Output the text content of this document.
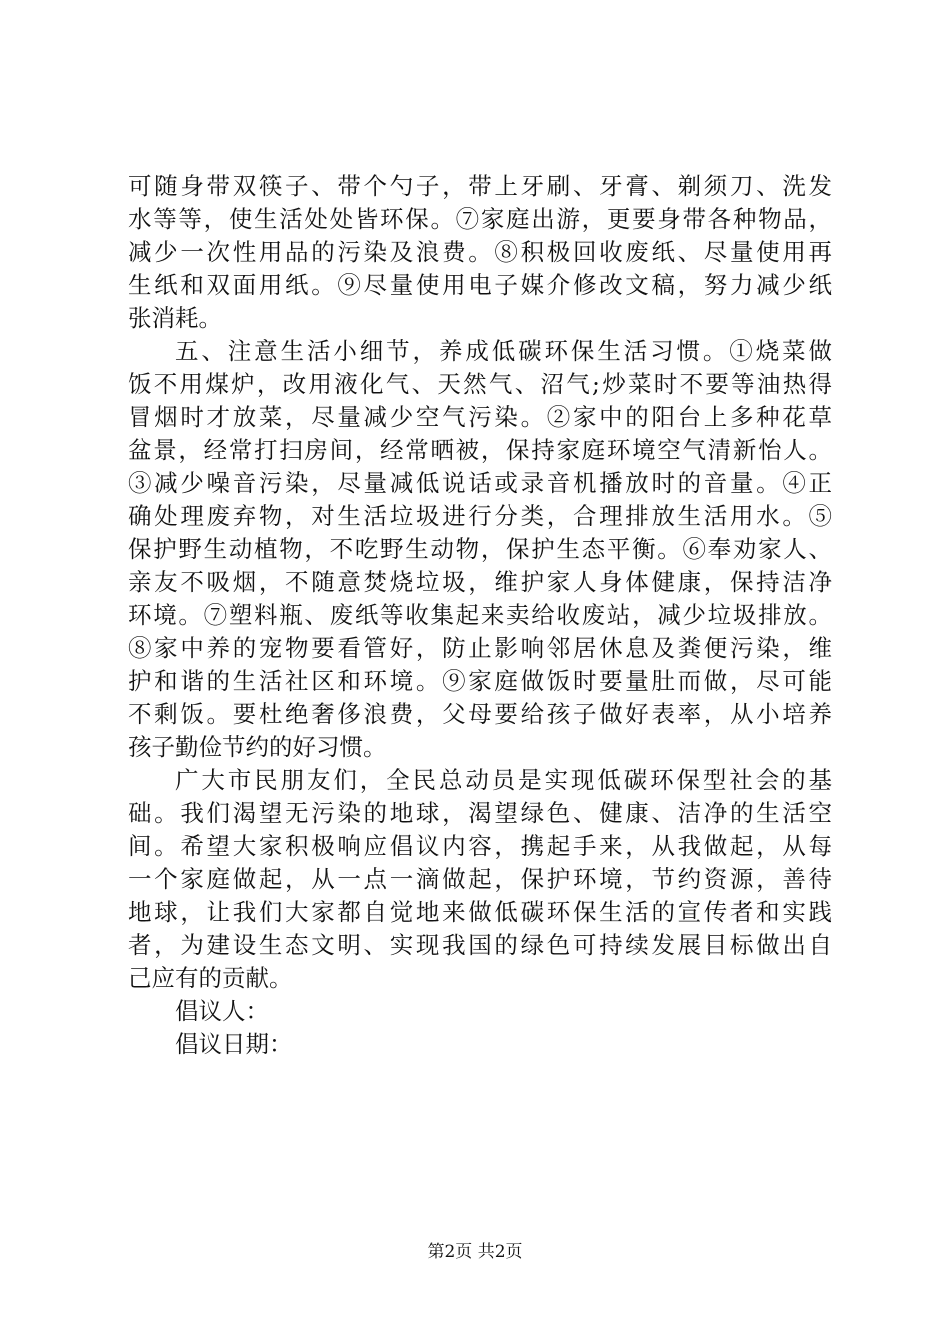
可随身带双筷子、带个勺子，带上牙刷、牙膏、剃须刀、洗发
水等等，使生活处处皆环保。⑦家庭出游，更要身带各种物品，
减少一次性用品的污染及浪费。⑧积极回收废纸、尽量使用再
生纸和双面用纸。⑨尽量使用电子媒介修改文稿，努力减少纸
张消耗。
五、注意生活小细节，养成低碳环保生活习惯。①烧菜做
饭不用煤炉，改用液化气、天然气、沼气;炒菜时不要等油热得
冒烟时才放菜，尽量减少空气污染。②家中的阳台上多种花草
盆景，经常打扫房间，经常晒被，保持家庭环境空气清新怡人。
③减少噪音污染，尽量减低说话或录音机播放时的音量。④正
确处理废弃物，对生活垃圾进行分类，合理排放生活用水。⑤
保护野生动植物，不吃野生动物，保护生态平衡。⑥奉劝家人、
亲友不吸烟，不随意焚烧垃圾，维护家人身体健康，保持洁净
环境。⑦塑料瓶、废纸等收集起来卖给收废站，减少垃圾排放。
⑧家中养的宠物要看管好，防止影响邻居休息及粪便污染，维
护和谐的生活社区和环境。⑨家庭做饭时要量肚而做，尽可能
不剩饭。要杜绝奢侈浪费，父母要给孩子做好表率，从小培养
孩子勤俭节约的好习惯。
广大市民朋友们，全民总动员是实现低碳环保型社会的基
础。我们渴望无污染的地球，渴望绿色、健康、洁净的生活空
间。希望大家积极响应倡议内容，携起手来，从我做起，从每
一个家庭做起，从一点一滴做起，保护环境，节约资源，善待
地球，让我们大家都自觉地来做低碳环保生活的宣传者和实践
者，为建设生态文明、实现我国的绿色可持续发展目标做出自
己应有的贡献。
倡议人：
倡议日期：
第2页 共2页
